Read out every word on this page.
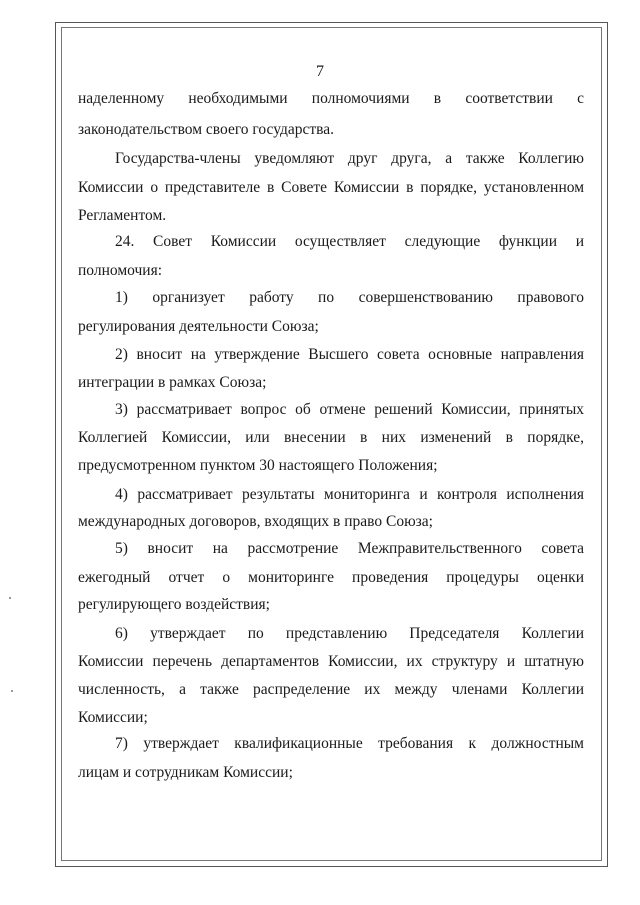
7
наделенному необходимыми полномочиями в соответствии с
законодательством своего государства.
Государства-члены уведомляют друг друга, а также Коллегию
Комиссии о представителе в Совете Комиссии в порядке, установленном
Регламентом.
24. Совет Комиссии осуществляет следующие функции и
полномочия:
1) организует работу по совершенствованию правового
регулирования деятельности Союза;
2) вносит на утверждение Высшего совета основные направления
интеграции в рамках Союза;
3) рассматривает вопрос об отмене решений Комиссии, принятых
Коллегией Комиссии, или внесении в них изменений в порядке,
предусмотренном пунктом 30 настоящего Положения;
4) рассматривает результаты мониторинга и контроля исполнения
международных договоров, входящих в право Союза;
5) вносит на рассмотрение Межправительственного совета
ежегодный отчет о мониторинге проведения процедуры оценки
регулирующего воздействия;
6) утверждает по представлению Председателя Коллегии
Комиссии перечень департаментов Комиссии, их структуру и штатную
численность, а также распределение их между членами Коллегии
Комиссии;
7) утверждает квалификационные требования к должностным
лицам и сотрудникам Комиссии;
